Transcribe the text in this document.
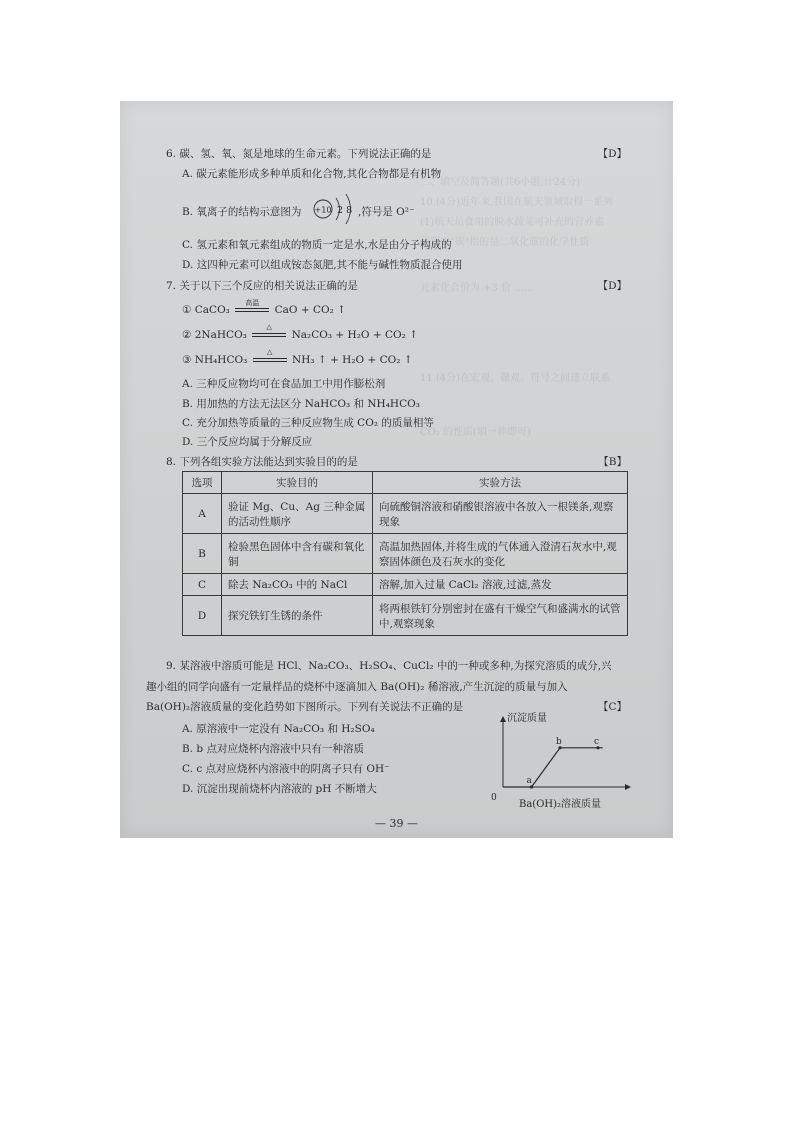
二、填空及简答题(共6小题,计24分)
10.(4分)近年来,我国在航天领域取得一系列
(1)航天员食用的脱水蔬菜可补充的营养素
装置中"碳"指的是二氧化碳的化学性质
元素化合价为 +3 价 ……
11.(4分)在宏观、微观、符号之间建立联系
CO₂ 的性质(填一种即可)
6. 碳、氢、氧、氮是地球的生命元素。下列说法正确的是	【D】
A. 碳元素能形成多种单质和化合物,其化合物都是有机物
B. 氧离子的结构示意图为 +10 2 8 ,符号是 O²⁻
C. 氢元素和氧元素组成的物质一定是水,水是由分子构成的
D. 这四种元素可以组成铵态氮肥,其不能与碱性物质混合使用
7. 关于以下三个反应的相关说法正确的是	【D】
① CaCO₃
高温
CaO + CO₂ ↑
② 2NaHCO₃
△
Na₂CO₃ + H₂O + CO₂ ↑
③ NH₄HCO₃
△
NH₃ ↑ + H₂O + CO₂ ↑
A. 三种反应物均可在食品加工中用作膨松剂
B. 用加热的方法无法区分 NaHCO₃ 和 NH₄HCO₃
C. 充分加热等质量的三种反应物生成 CO₂ 的质量相等
D. 三个反应均属于分解反应
8. 下列各组实验方法能达到实验目的的是	【B】
选项	实验目的	实验方法
A	验证 Mg、Cu、Ag 三种金属的活动性顺序	向硫酸铜溶液和硝酸银溶液中各放入一根镁条,观察现象
B	检验黑色固体中含有碳和氧化铜	高温加热固体,并将生成的气体通入澄清石灰水中,观察固体颜色及石灰水的变化
C	除去 Na₂CO₃ 中的 NaCl	溶解,加入过量 CaCl₂ 溶液,过滤,蒸发
D	探究铁钉生锈的条件	将两根铁钉分别密封在盛有干燥空气和盛满水的试管中,观察现象
9. 某溶液中溶质可能是 HCl、Na₂CO₃、H₂SO₄、CuCl₂ 中的一种或多种,为探究溶质的成分,兴
趣小组的同学向盛有一定量样品的烧杯中逐滴加入 Ba(OH)₂ 稀溶液,产生沉淀的质量与加入
Ba(OH)₂溶液质量的变化趋势如下图所示。下列有关说法不正确的是	【C】
A. 原溶液中一定没有 Na₂CO₃ 和 H₂SO₄
B. b 点对应烧杯内溶液中只有一种溶质
C. c 点对应烧杯内溶液中的阴离子只有 OH⁻
D. 沉淀出现前烧杯内溶液的 pH 不断增大
沉淀质量
Ba(OH)₂溶液质量
0
a
b	c
— 39 —
